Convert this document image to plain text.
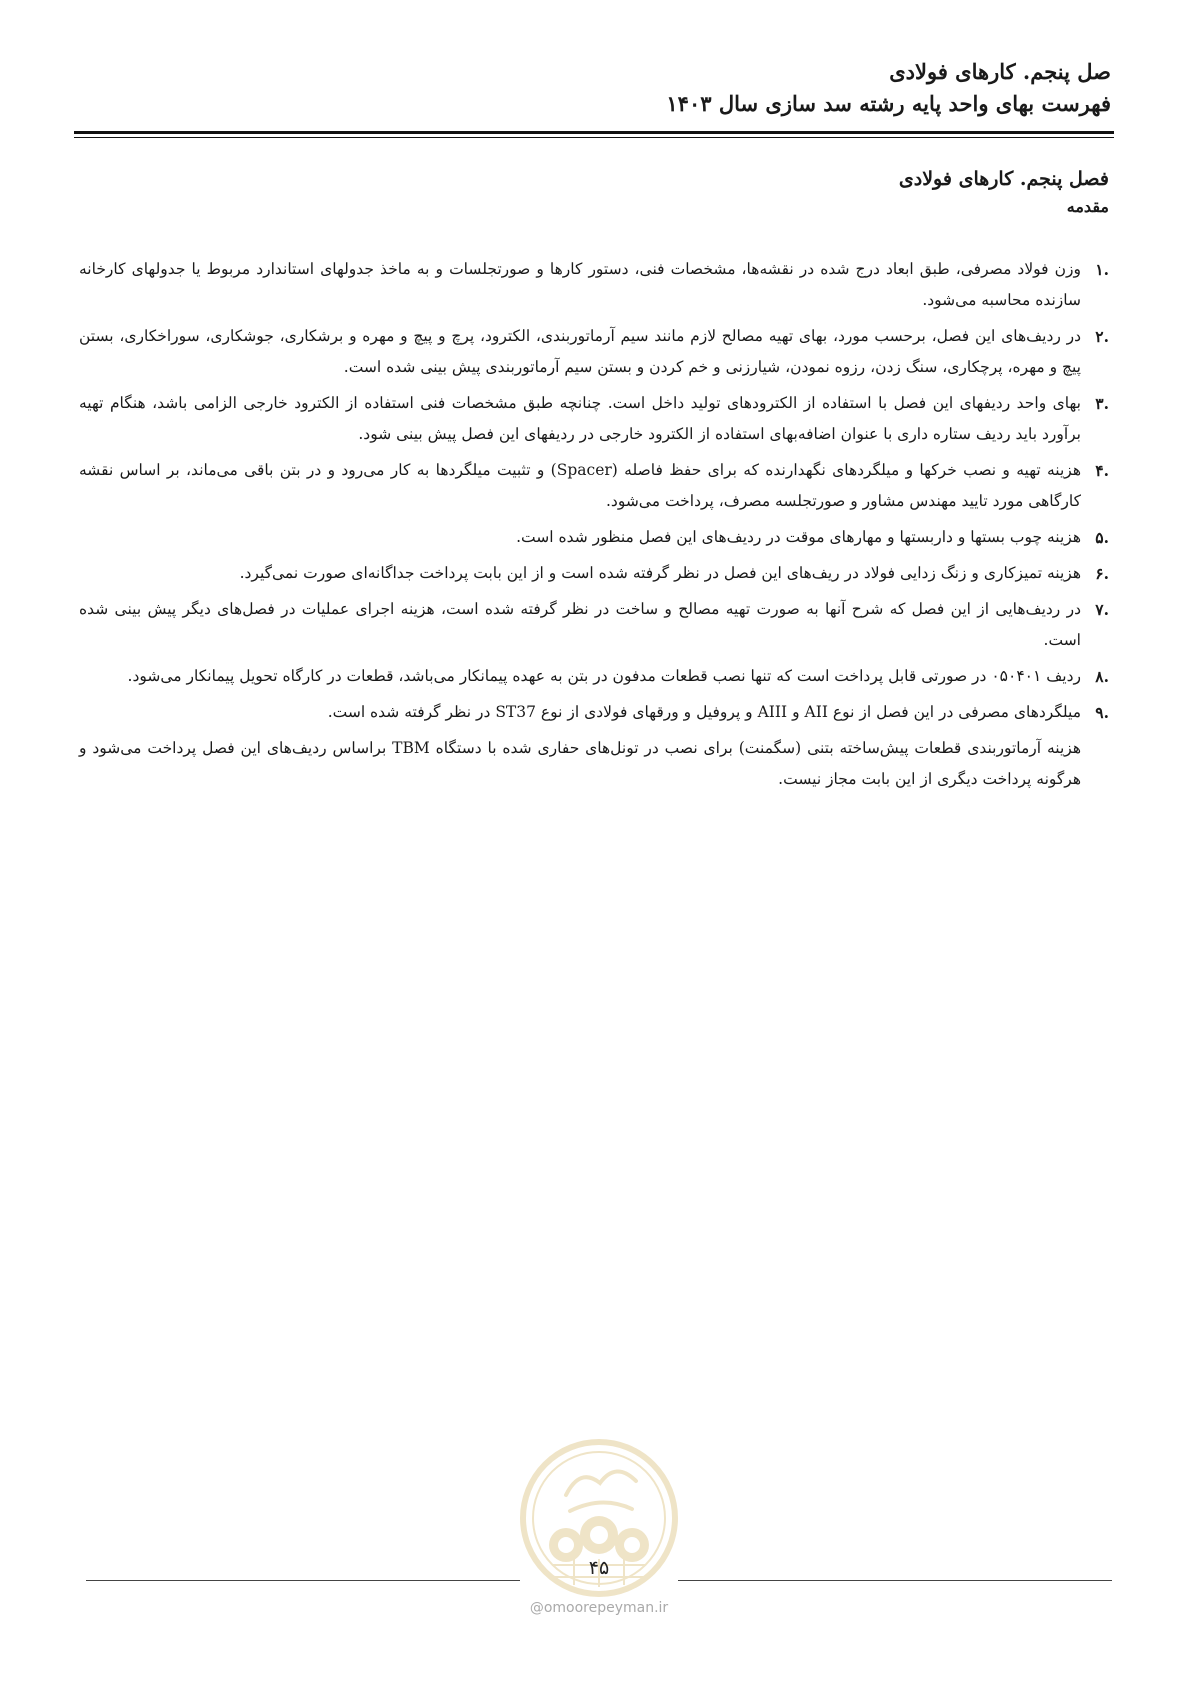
صل پنجم. کارهای فولادی
فهرست بهای واحد پایه رشته سد سازی سال ۱۴۰۳
فصل پنجم. کارهای فولادی
مقدمه
.۱
وزن فولاد مصرفی، طبق ابعاد درج شده در نقشه‌ها، مشخصات فنی، دستور کارها و صورتجلسات و به ماخذ جدولهای استاندارد مربوط یا جدولهای کارخانه سازنده محاسبه می‌شود.
.۲
در ردیف‌های این فصل، برحسب مورد، بهای تهیه مصالح لازم مانند سیم آرماتوربندی، الکترود، پرچ و پیچ و مهره و برشکاری، جوشکاری، سوراخکاری، بستن پیچ و مهره، پرچکاری، سنگ زدن، رزوه نمودن، شیارزنی و خم کردن و بستن سیم آرماتوربندی پیش بینی شده است.
.۳
بهای واحد ردیفهای این فصل با استفاده از الکترودهای تولید داخل است. چنانچه طبق مشخصات فنی استفاده از الکترود خارجی الزامی باشد، هنگام تهیه برآورد باید ردیف ستاره داری با عنوان اضافه‌بهای استفاده از الکترود خارجی در ردیفهای این فصل پیش بینی شود.
.۴
هزینه تهیه و نصب خرکها و میلگردهای نگهدارنده که برای حفظ فاصله (Spacer) و تثبیت میلگردها به کار می‌رود و در بتن باقی می‌ماند، بر اساس نقشه کارگاهی مورد تایید مهندس مشاور و صورتجلسه مصرف، پرداخت می‌شود.
.۵
هزینه چوب بستها و داربستها و مهارهای موقت در ردیف‌های این فصل منظور شده است.
.۶
هزینه تمیزکاری و زنگ زدایی فولاد در ریف‌های این فصل در نظر گرفته شده است و از این بابت پرداخت جداگانه‌ای صورت نمی‌گیرد.
.۷
در ردیف‌هایی از این فصل که شرح آنها به صورت تهیه مصالح و ساخت در نظر گرفته شده است، هزینه اجرای عملیات در فصل‌های دیگر پیش بینی شده است.
.۸
ردیف ۰۵۰۴۰۱ در صورتی قابل پرداخت است که تنها نصب قطعات مدفون در بتن به عهده پیمانکار می‌باشد، قطعات در کارگاه تحویل پیمانکار می‌شود.
.۹
میلگردهای مصرفی در این فصل از نوع AII و AIII و پروفیل و ورقهای فولادی از نوع ST37 در نظر گرفته شده است.

هزینه آرماتوربندی قطعات پیش‌ساخته بتنی (سگمنت) برای نصب در تونل‌های حفاری شده با دستگاه TBM براساس ردیف‌های این فصل پرداخت می‌شود و هرگونه پرداخت دیگری از این بابت مجاز نیست.

۴۵
@omoorepeyman.ir
